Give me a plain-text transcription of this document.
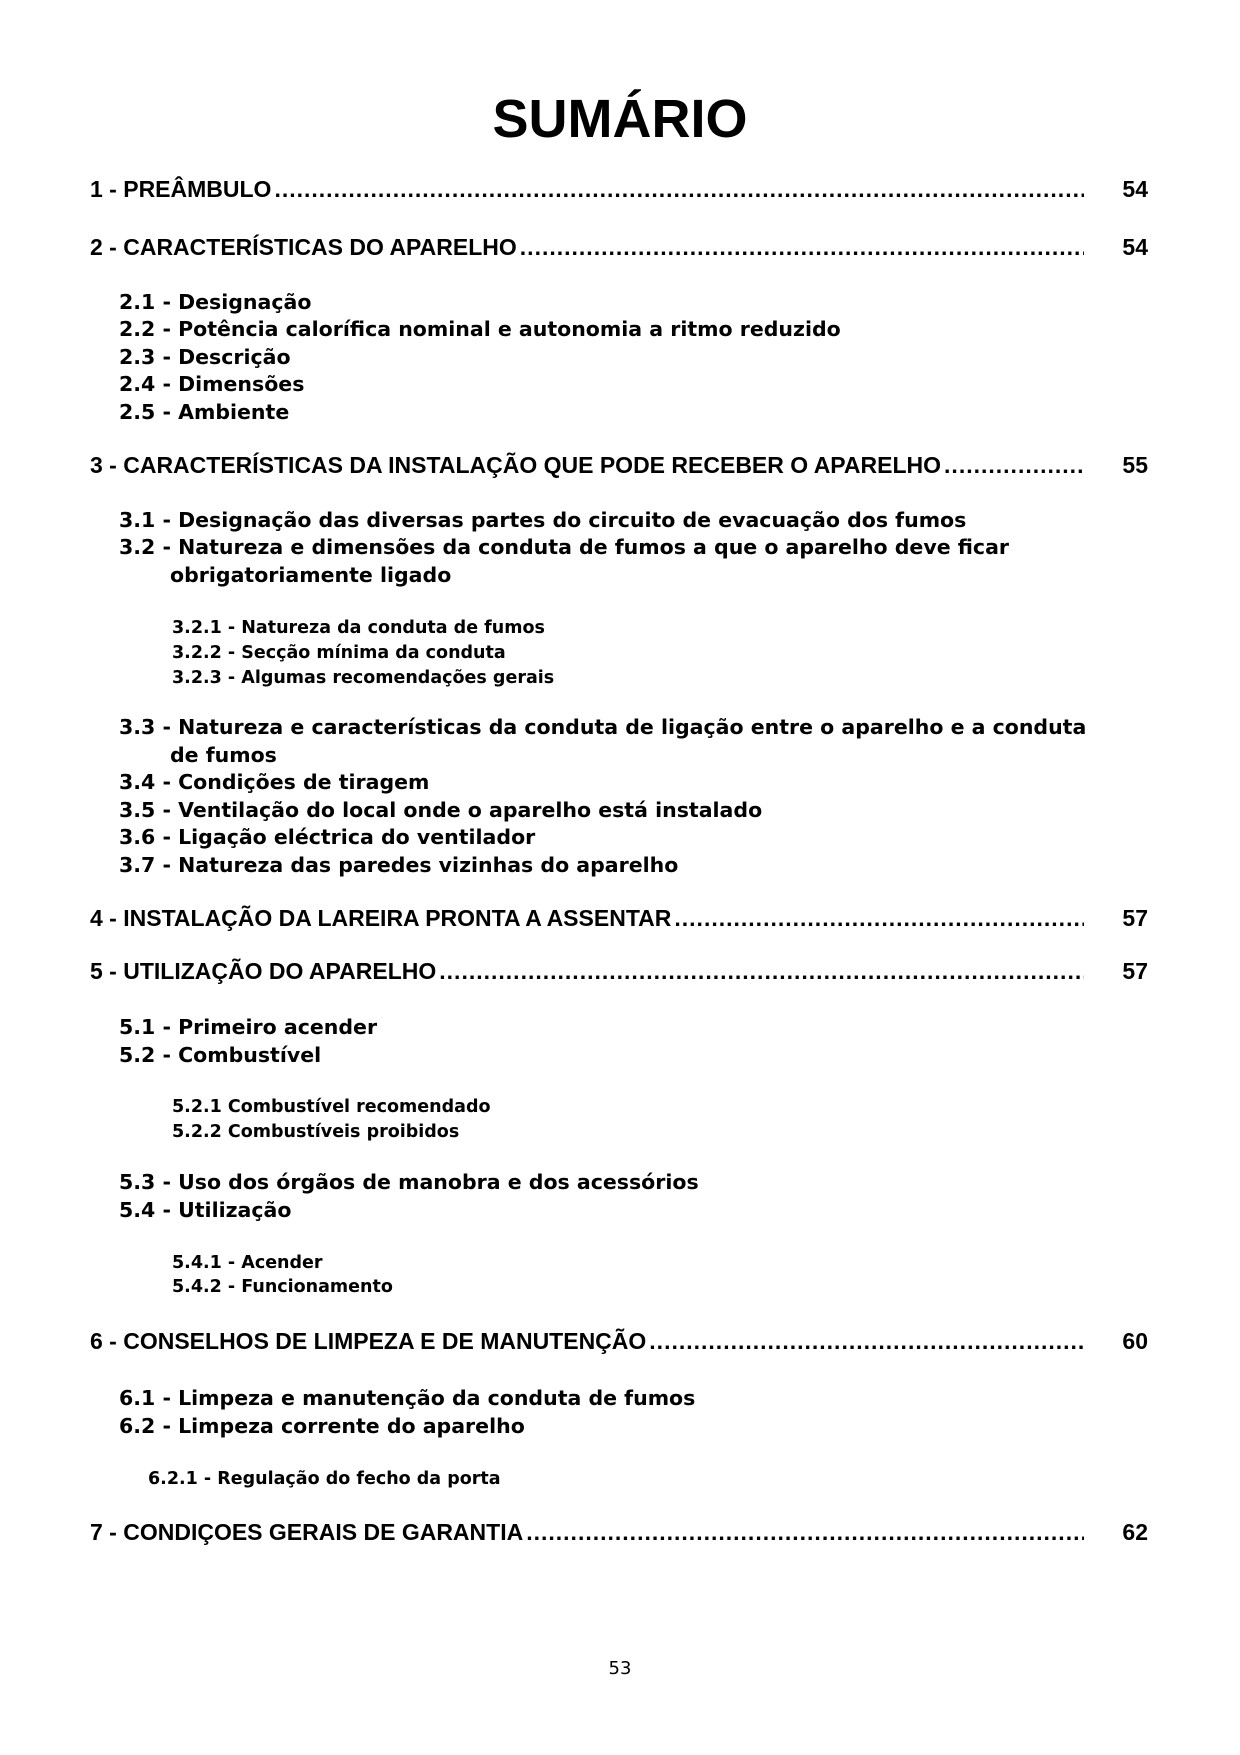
SUMÁRIO
1 - PREÂMBULO .....	54
2 - CARACTERÍSTICAS DO APARELHO .....	54
2.1 - Designação
2.2 - Potência calorífica nominal e autonomia a ritmo reduzido
2.3 - Descrição
2.4 - Dimensões
2.5 - Ambiente
3 - CARACTERÍSTICAS DA INSTALAÇÃO QUE PODE RECEBER O APARELHO .....	55
3.1 - Designação das diversas partes do circuito de evacuação dos fumos
3.2 - Natureza e dimensões da conduta de fumos a que o aparelho deve ficar
obrigatoriamente ligado
3.2.1 - Natureza da conduta de fumos
3.2.2 - Secção mínima da conduta
3.2.3 - Algumas recomendações gerais
3.3 - Natureza e características da conduta de ligação entre o aparelho e a conduta
de fumos
3.4 - Condições de tiragem
3.5 - Ventilação do local onde o aparelho está instalado
3.6 - Ligação eléctrica do ventilador
3.7 - Natureza das paredes vizinhas do aparelho
4 - INSTALAÇÃO DA LAREIRA PRONTA A ASSENTAR .....	57
5 - UTILIZAÇÃO DO APARELHO .....	57
5.1 - Primeiro acender
5.2 - Combustível
5.2.1 Combustível recomendado
5.2.2 Combustíveis proibidos
5.3 - Uso dos órgãos de manobra e dos acessórios
5.4 - Utilização
5.4.1 - Acender
5.4.2 - Funcionamento
6 - CONSELHOS DE LIMPEZA E DE MANUTENÇÃO .....	60
6.1 - Limpeza e manutenção da conduta de fumos
6.2 - Limpeza corrente do aparelho
6.2.1 - Regulação do fecho da porta
7 - CONDIÇOES GERAIS DE GARANTIA .....	62
53
